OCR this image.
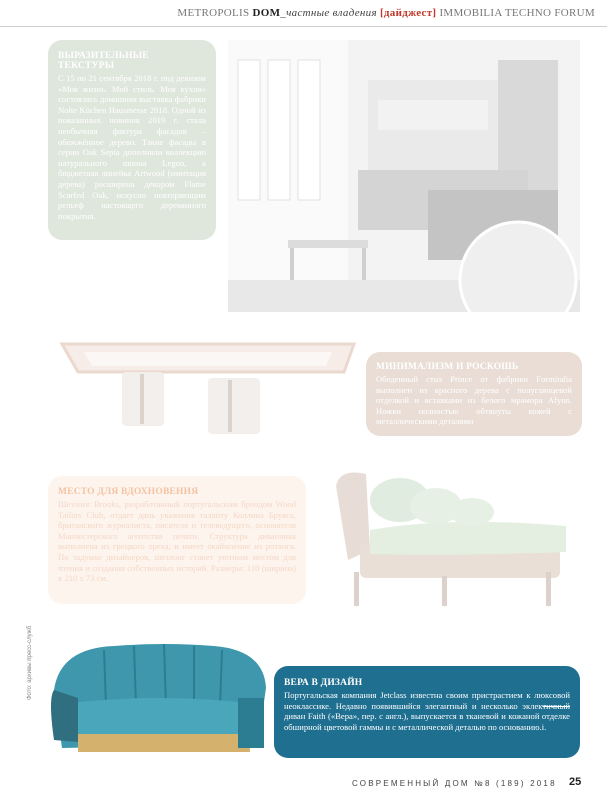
METROPOLIS DOM_частные владения [дайджест] IMMOBILIA TECHNO FORUM
ВЫРАЗИТЕЛЬНЫЕ ТЕКСТУРЫ

С 15 по 21 сентября 2018 г. под девизом «Моя жизнь. Мой стиль. Моя кухня» состоялась домашняя выставка фабрики Nolte Küchen Hausmesse 2018. Одной из показанных новинок 2019 г. стала необычная фактура фасадов – обожжённое дерево. Такие фасады в серии Oak Sepia дополняли коллекцию натурального шпона Legno, а бюджетная линейка Artwood (имитация дерева) расширена декором Flame Scarfed Oak, искусно повторяющим рельеф настоящего деревянного покрытия.

МИНИМАЛИЗМ И РОСКОШЬ

Обеденный стол Prince от фабрики Formitalia выполнен из красного дерева с полуглянцевой отделкой и вставками из белого мрамора Afyon. Ножки полностью обтянуты кожей с металлическими деталями

МЕСТО ДЛЯ ВДОХНОВЕНИЯ

Шезлонг Brooks, разработанный португальским брендом Wood Tailors Club, отдает дань уважения таланту Коллина Брукса, британского журналиста, писателя и телеведущего, основателя Манчестерского агентства печати. Структура диванчика выполнена из грецкого ореха, и имеет окаймление из ротанга. По задумке дизайнеров, шезлонг станет уютным местом для чтения и создания собственных историй. Размеры: 110 (ширина) х 210 х 73 см.

ВЕРА В ДИЗАЙН

Португальская компания Jetclass известна своим пристрастием к люксовой неоклассике. Недавно появившийся элегантный и несколько эклектичный диван Faith («Вера», пер. с англ.), выпускается в тканевой и кожаной отделке обширной цветовой гаммы и с металлической деталью по основанию.i.

Фото: архивы пресс-служб
СОВРЕМЕННЫЙ ДОМ №8 (189) 2018 25
